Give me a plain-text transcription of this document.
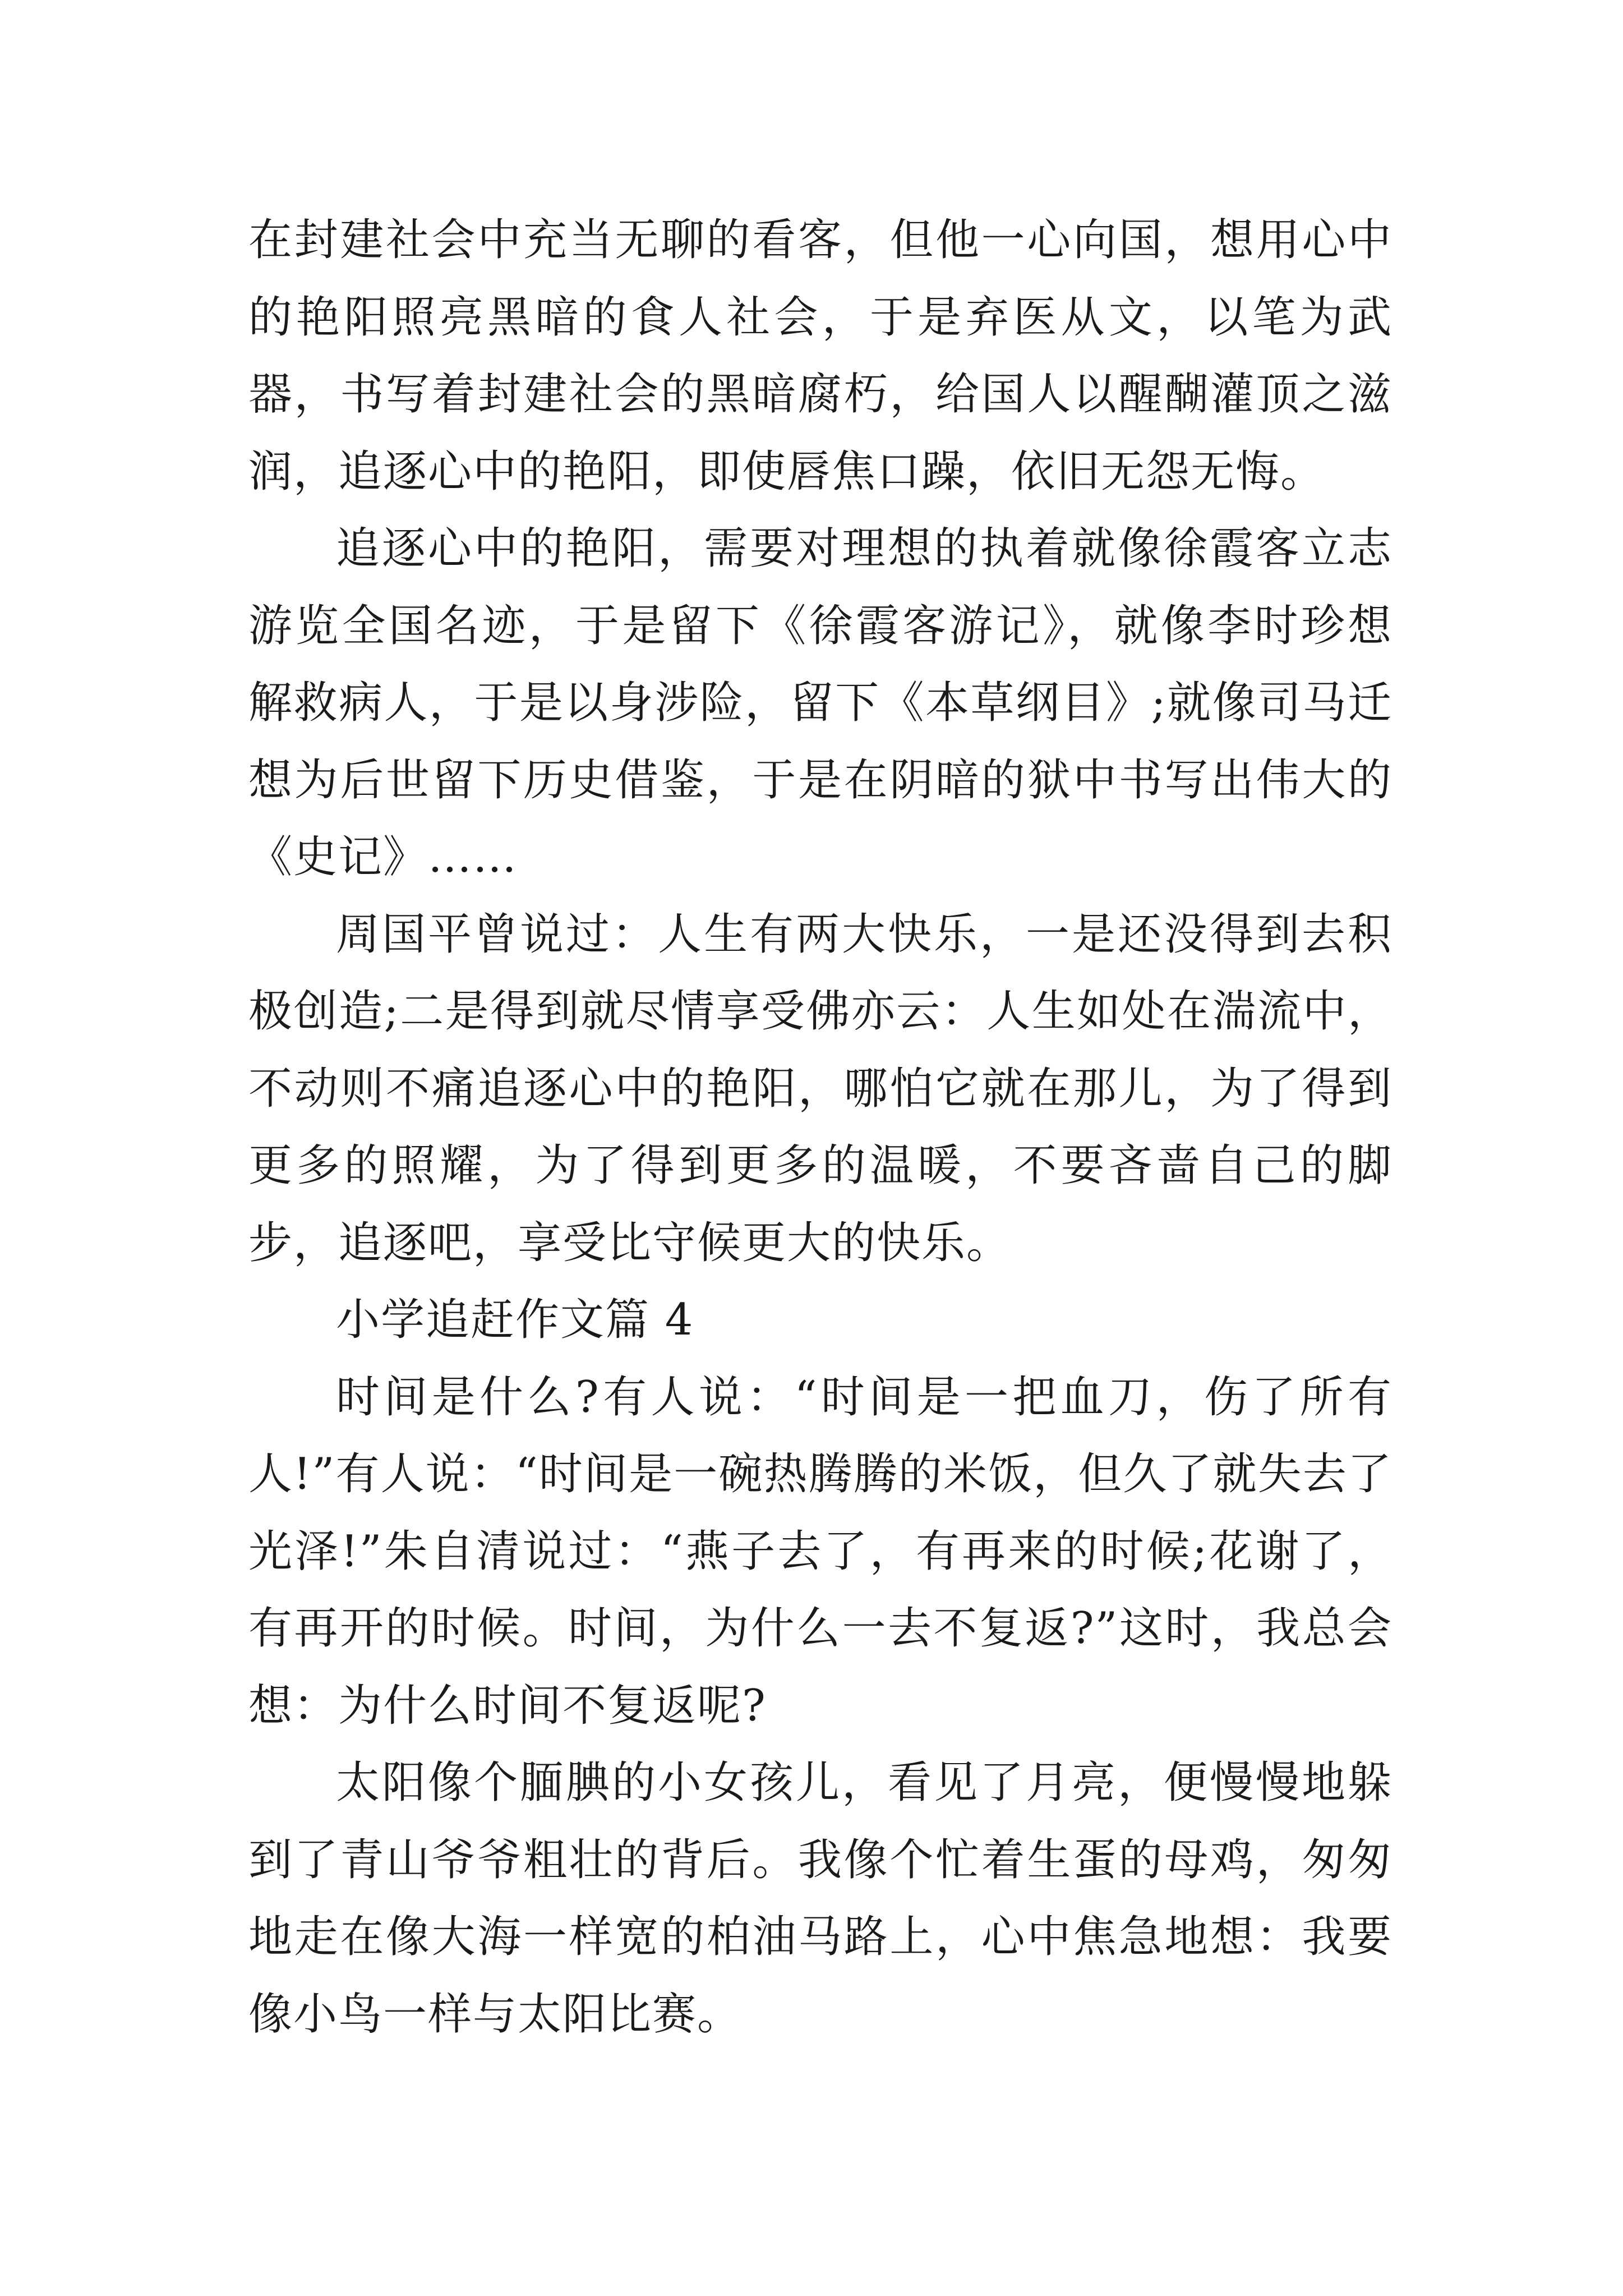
在封建社会中充当无聊的看客，但他一心向国，想用心中的艳阳照亮黑暗的食人社会，于是弃医从文，以笔为武器，书写着封建社会的黑暗腐朽，给国人以醒醐灌顶之滋润，追逐心中的艳阳，即使唇焦口躁，依旧无怨无悔。

追逐心中的艳阳，需要对理想的执着就像徐霞客立志游览全国名迹，于是留下《徐霞客游记》，就像李时珍想解救病人，于是以身涉险，留下《本草纲目》;就像司马迁想为后世留下历史借鉴，于是在阴暗的狱中书写出伟大的《史记》……

周国平曾说过：人生有两大快乐，一是还没得到去积极创造;二是得到就尽情享受佛亦云：人生如处在湍流中，不动则不痛追逐心中的艳阳，哪怕它就在那儿，为了得到更多的照耀，为了得到更多的温暖，不要吝啬自己的脚步，追逐吧，享受比守候更大的快乐。

小学追赶作文篇 4

时间是什么?有人说：“时间是一把血刀，伤了所有人!”有人说：“时间是一碗热腾腾的米饭，但久了就失去了光泽!”朱自清说过：“燕子去了，有再来的时候;花谢了，有再开的时候。时间，为什么一去不复返?”这时，我总会想：为什么时间不复返呢?

太阳像个腼腆的小女孩儿，看见了月亮，便慢慢地躲到了青山爷爷粗壮的背后。我像个忙着生蛋的母鸡，匆匆地走在像大海一样宽的柏油马路上，心中焦急地想：我要像小鸟一样与太阳比赛。
